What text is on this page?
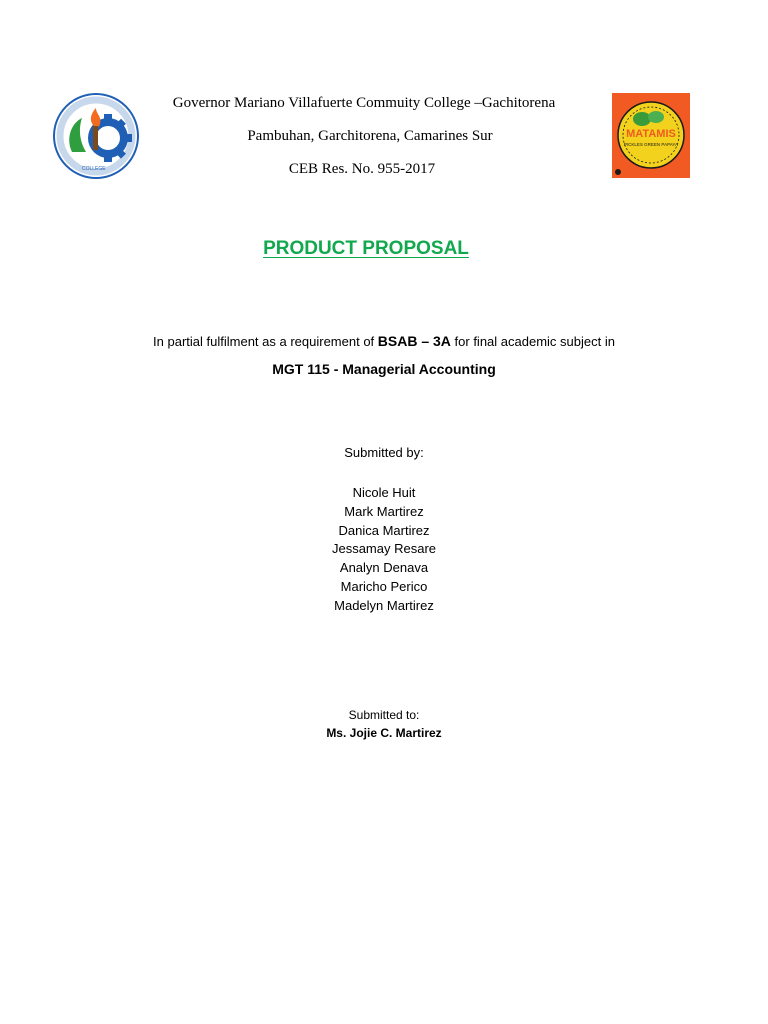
COLLEGE
MATAMIS
PICKLES GREEN PAPAYA
Governor Mariano Villafuerte Commuity College –Gachitorena
Pambuhan, Garchitorena, Camarines Sur
CEB Res. No. 955-2017
PRODUCT PROPOSAL
In partial fulfilment as a requirement of BSAB – 3A for final academic subject in
MGT 115 - Managerial Accounting
Submitted by:
Nicole Huit
Mark Martirez
Danica Martirez
Jessamay Resare
Analyn Denava
Maricho Perico
Madelyn Martirez
Submitted to:
Ms. Jojie C. Martirez
